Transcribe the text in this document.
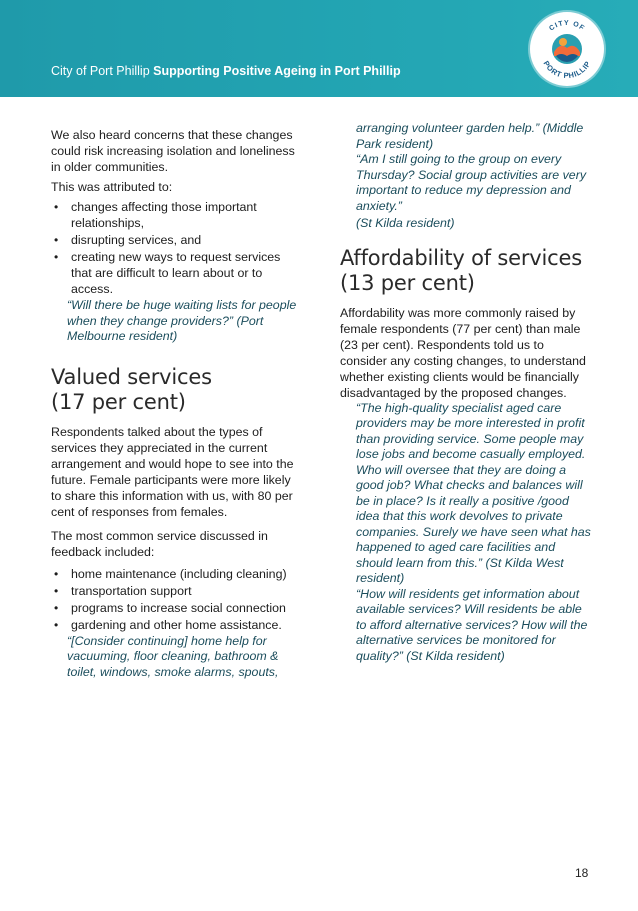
City of Port Phillip Supporting Positive Ageing in Port Phillip
CITY OF
PORT PHILLIP

We also heard concerns that these changes could risk increasing isolation and loneliness in older communities.

This was attributed to:

• changes affecting those important relationships,
• disrupting services, and
• creating new ways to request services that are difficult to learn about or to access.

“Will there be huge waiting lists for people when they change providers?” (Port Melbourne resident)

Valued services
(17 per cent)

Respondents talked about the types of services they appreciated in the current arrangement and would hope to see into the future. Female participants were more likely to share this information with us, with 80 per cent of responses from females.

The most common service discussed in feedback included:

• home maintenance (including cleaning)
• transportation support
• programs to increase social connection
• gardening and other home assistance.

“[Consider continuing] home help for vacuuming, floor cleaning, bathroom & toilet, windows, smoke alarms, spouts,

arranging volunteer garden help.” (Middle Park resident)

“Am I still going to the group on every Thursday? Social group activities are very important to reduce my depression and anxiety.”

(St Kilda resident)

Affordability of services
(13 per cent)

Affordability was more commonly raised by female respondents (77 per cent) than male (23 per cent). Respondents told us to consider any costing changes, to understand whether existing clients would be financially disadvantaged by the proposed changes.

“The high-quality specialist aged care providers may be more interested in profit than providing service. Some people may lose jobs and become casually employed. Who will oversee that they are doing a good job? What checks and balances will be in place? Is it really a positive /good idea that this work devolves to private companies. Surely we have seen what has happened to aged care facilities and should learn from this.” (St Kilda West resident)

“How will residents get information about available services? Will residents be able to afford alternative services? How will the alternative services be monitored for quality?” (St Kilda resident)

18
